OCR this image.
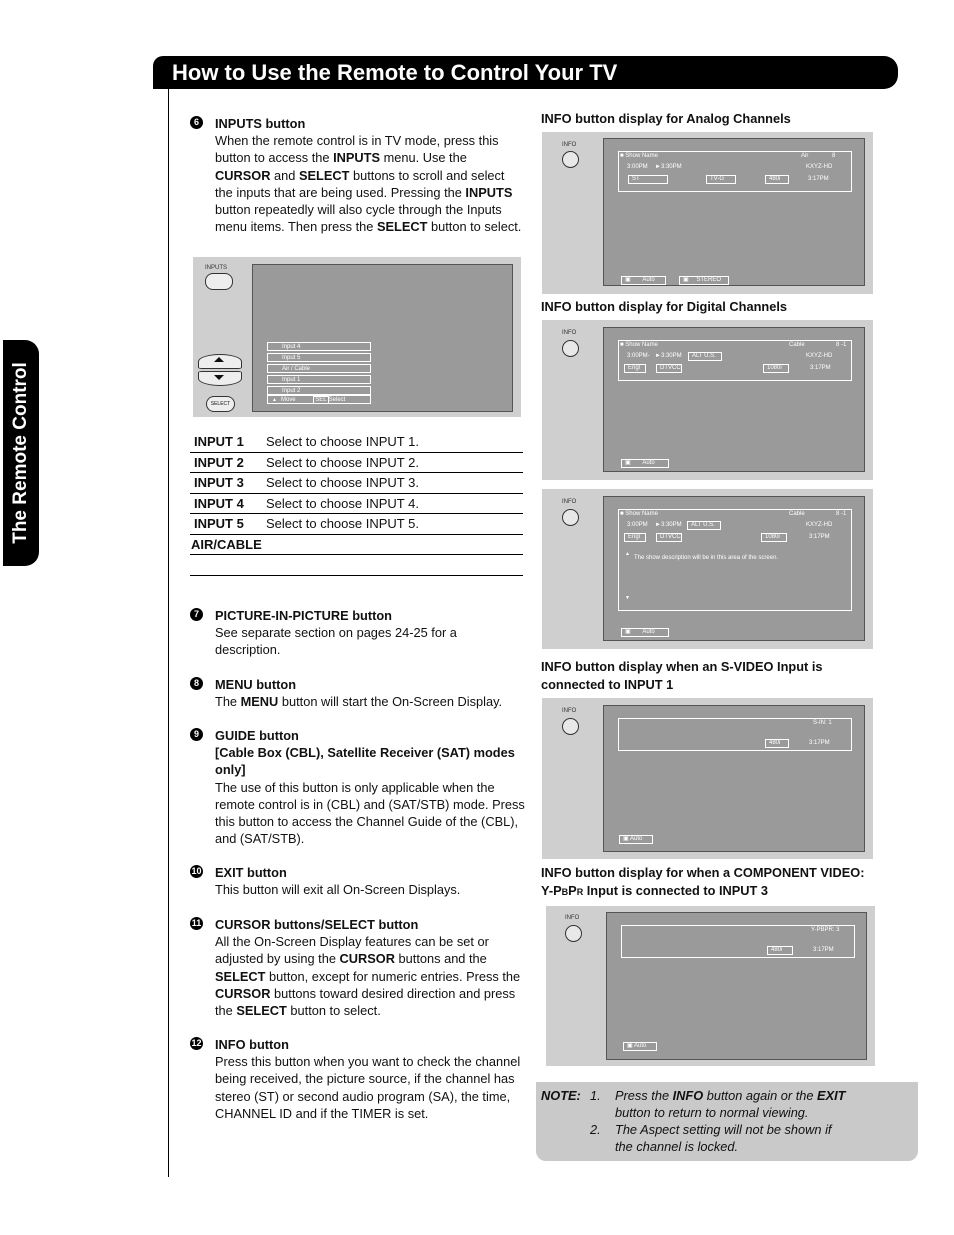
How to Use the Remote to Control Your TV
The Remote Control
6	INPUTS button
When the remote control is in TV mode, press this button to access the INPUTS menu. Use the CURSOR and SELECT buttons to scroll and select the inputs that are being used. Pressing the INPUTS button repeatedly will also cycle through the Inputs menu items. Then press the SELECT button to select.
INPUTS
SELECT
Input 4
Input 5
Air / Cable
Input 1
Input 2
▲ Move	SEL Select
INPUT 1	Select to choose INPUT 1.
INPUT 2	Select to choose INPUT 2.
INPUT 3	Select to choose INPUT 3.
INPUT 4	Select to choose INPUT 4.
INPUT 5	Select to choose INPUT 5.
AIR/CABLE	

7	PICTURE-IN-PICTURE button
See separate section on pages 24-25 for a description.
8	MENU button
The MENU button will start the On-Screen Display.
9	GUIDE button
[Cable Box (CBL), Satellite Receiver (SAT) modes only]
The use of this button is only applicable when the remote control is in (CBL) and (SAT/STB) mode. Press this button to access the Channel Guide of the (CBL), and (SAT/STB).
10 EXIT button
This button will exit all On-Screen Displays.
11 CURSOR buttons/SELECT button
All the On-Screen Display features can be set or adjusted by using the CURSOR buttons and the SELECT button, except for numeric entries. Press the CURSOR buttons toward desired direction and press the SELECT button to select.
12 INFO button
Press this button when you want to check the channel being received, the picture source, if the channel has stereo (ST) or second audio program (SA), the time, CHANNEL ID and if the TIMER is set.
INFO button display for Analog Channels
INFO button display for Digital Channels
INFO button display when an S-VIDEO Input is connected to INPUT 1
INFO button display for when a COMPONENT VIDEO: Y-PBPR Input is connected to INPUT 3
INFO
■ Show Name	Air	8
3:00PM ►3:30PM	KXYZ-HD
ST	TV-G	480i	3:17PM
▣ Auto	▣ STEREO
INFO
■ Show Name	Cable	8 -1
3:00PM- ►3:30PM	ALT U.S.	KXYZ-HD
Engl	DTVCC	1080i	3:17PM
▣ Auto
INFO
■ Show Name	Cable	8 -1
3:00PM ►3:30PM	ALT U.S.	KXYZ-HD
Engl	DTVCC	1080i	3:17PM
▲
The show description will be in this area of the screen.
▼
▣ Auto
INFO
S-IN: 1
480i	3:17PM
▣ Auto
INFO
Y-PBPR: 3
480i	3:17PM
▣ Auto
NOTE: 1. Press the INFO button again or the EXIT
button to return to normal viewing.
2. The Aspect setting will not be shown if
the channel is locked.
